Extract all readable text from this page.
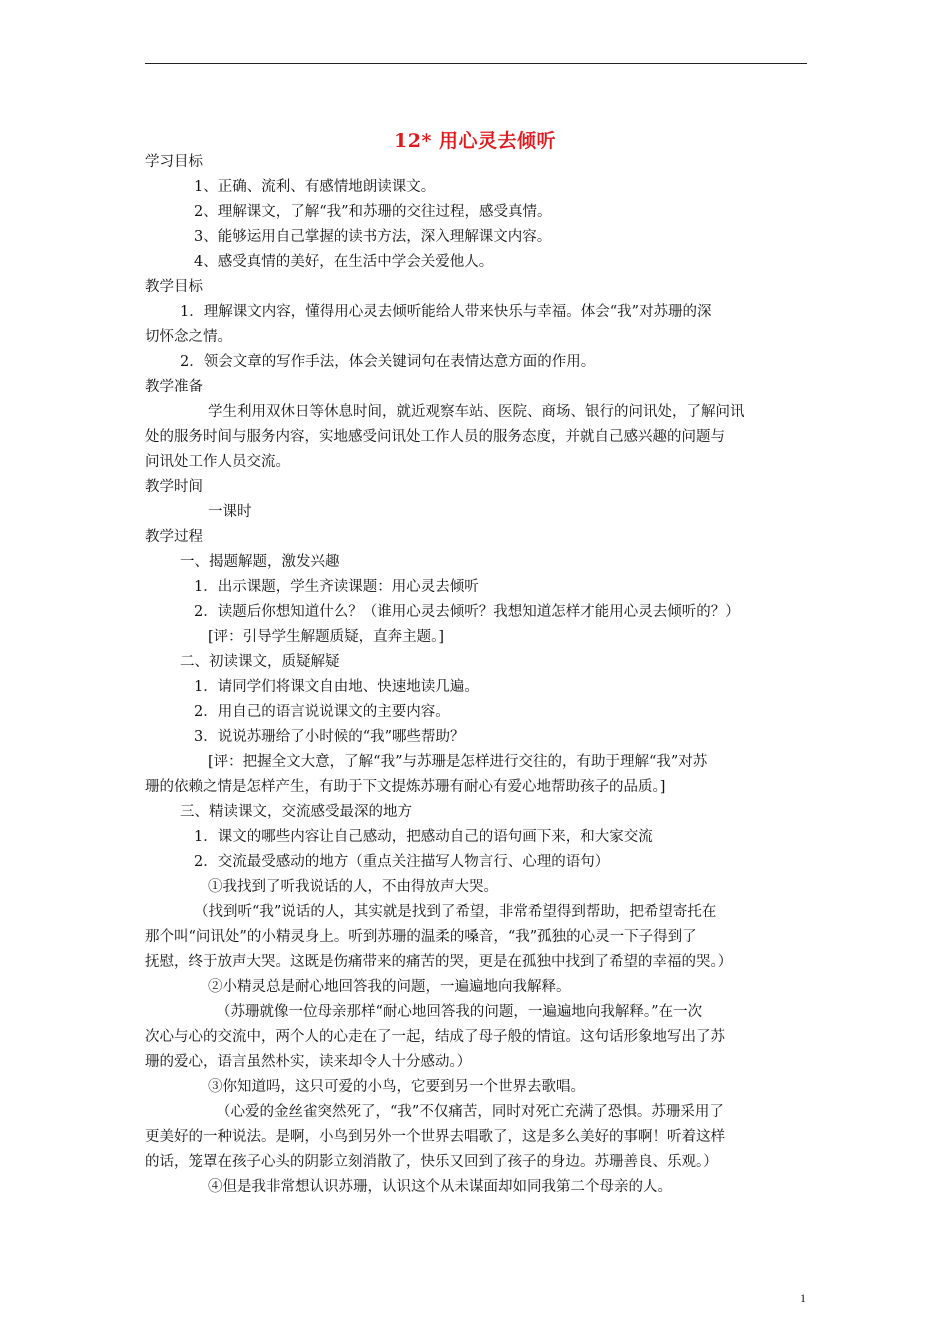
12* 用心灵去倾听

学习目标

1、正确、流利、有感情地朗读课文。

2、理解课文，了解“我”和苏珊的交往过程，感受真情。

3、能够运用自己掌握的读书方法，深入理解课文内容。

4、感受真情的美好，在生活中学会关爱他人。

教学目标

1．理解课文内容，懂得用心灵去倾听能给人带来快乐与幸福。体会“我”对苏珊的深

切怀念之情。

2．领会文章的写作手法，体会关键词句在表情达意方面的作用。

教学准备

学生利用双休日等休息时间，就近观察车站、医院、商场、银行的问讯处，了解问讯

处的服务时间与服务内容，实地感受问讯处工作人员的服务态度，并就自己感兴趣的问题与

问讯处工作人员交流。

教学时间

一课时

教学过程

一、揭题解题，激发兴趣

1．出示课题，学生齐读课题：用心灵去倾听

2．读题后你想知道什么？（谁用心灵去倾听？我想知道怎样才能用心灵去倾听的？）

[评：引导学生解题质疑，直奔主题。]

二、初读课文，质疑解疑

1．请同学们将课文自由地、快速地读几遍。

2．用自己的语言说说课文的主要内容。

3．说说苏珊给了小时候的“我”哪些帮助？

[评：把握全文大意，了解“我”与苏珊是怎样进行交往的，有助于理解“我”对苏

珊的依赖之情是怎样产生，有助于下文提炼苏珊有耐心有爱心地帮助孩子的品质。]

三、精读课文，交流感受最深的地方

1．课文的哪些内容让自己感动，把感动自己的语句画下来，和大家交流

2．交流最受感动的地方（重点关注描写人物言行、心理的语句）

①我找到了听我说话的人，不由得放声大哭。

（找到听“我”说话的人，其实就是找到了希望，非常希望得到帮助，把希望寄托在

那个叫“问讯处”的小精灵身上。听到苏珊的温柔的嗓音，“我”孤独的心灵一下子得到了

抚慰，终于放声大哭。这既是伤痛带来的痛苦的哭，更是在孤独中找到了希望的幸福的哭。）

②小精灵总是耐心地回答我的问题，一遍遍地向我解释。

（苏珊就像一位母亲那样“耐心地回答我的问题，一遍遍地向我解释。”在一次

次心与心的交流中，两个人的心走在了一起，结成了母子般的情谊。这句话形象地写出了苏

珊的爱心，语言虽然朴实，读来却令人十分感动。）

③你知道吗，这只可爱的小鸟，它要到另一个世界去歌唱。

（心爱的金丝雀突然死了，“我”不仅痛苦，同时对死亡充满了恐惧。苏珊采用了

更美好的一种说法。是啊，小鸟到另外一个世界去唱歌了，这是多么美好的事啊！听着这样

的话，笼罩在孩子心头的阴影立刻消散了，快乐又回到了孩子的身边。苏珊善良、乐观。）

④但是我非常想认识苏珊，认识这个从未谋面却如同我第二个母亲的人。

1
